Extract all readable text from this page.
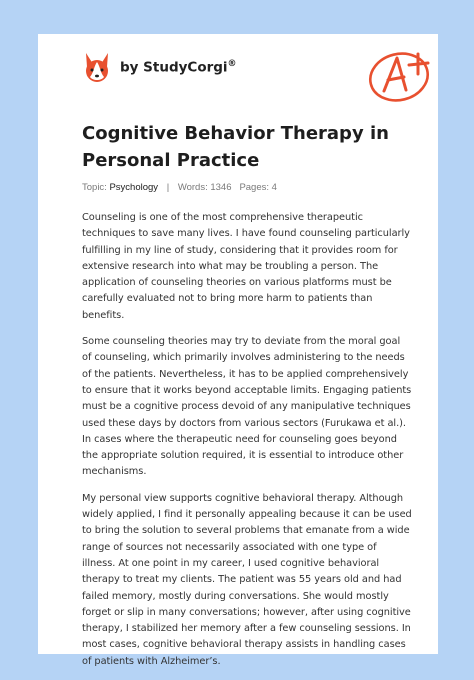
by StudyCorgi®
Cognitive Behavior Therapy in Personal Practice
Topic: Psychology | Words: 1346 Pages: 4

Counseling is one of the most comprehensive therapeutic techniques to save many lives. I have found counseling particularly fulfilling in my line of study, considering that it provides room for extensive research into what may be troubling a person. The application of counseling theories on various platforms must be carefully evaluated not to bring more harm to patients than benefits.

Some counseling theories may try to deviate from the moral goal of counseling, which primarily involves administering to the needs of the patients. Nevertheless, it has to be applied comprehensively to ensure that it works beyond acceptable limits. Engaging patients must be a cognitive process devoid of any manipulative techniques used these days by doctors from various sectors (Furukawa et al.). In cases where the therapeutic need for counseling goes beyond the appropriate solution required, it is essential to introduce other mechanisms.

My personal view supports cognitive behavioral therapy. Although widely applied, I find it personally appealing because it can be used to bring the solution to several problems that emanate from a wide range of sources not necessarily associated with one type of illness. At one point in my career, I used cognitive behavioral therapy to treat my clients. The patient was 55 years old and had failed memory, mostly during conversations. She would mostly forget or slip in many conversations; however, after using cognitive therapy, I stabilized her memory after a few counseling sessions. In most cases, cognitive behavioral therapy assists in handling cases of patients with Alzheimer’s.
